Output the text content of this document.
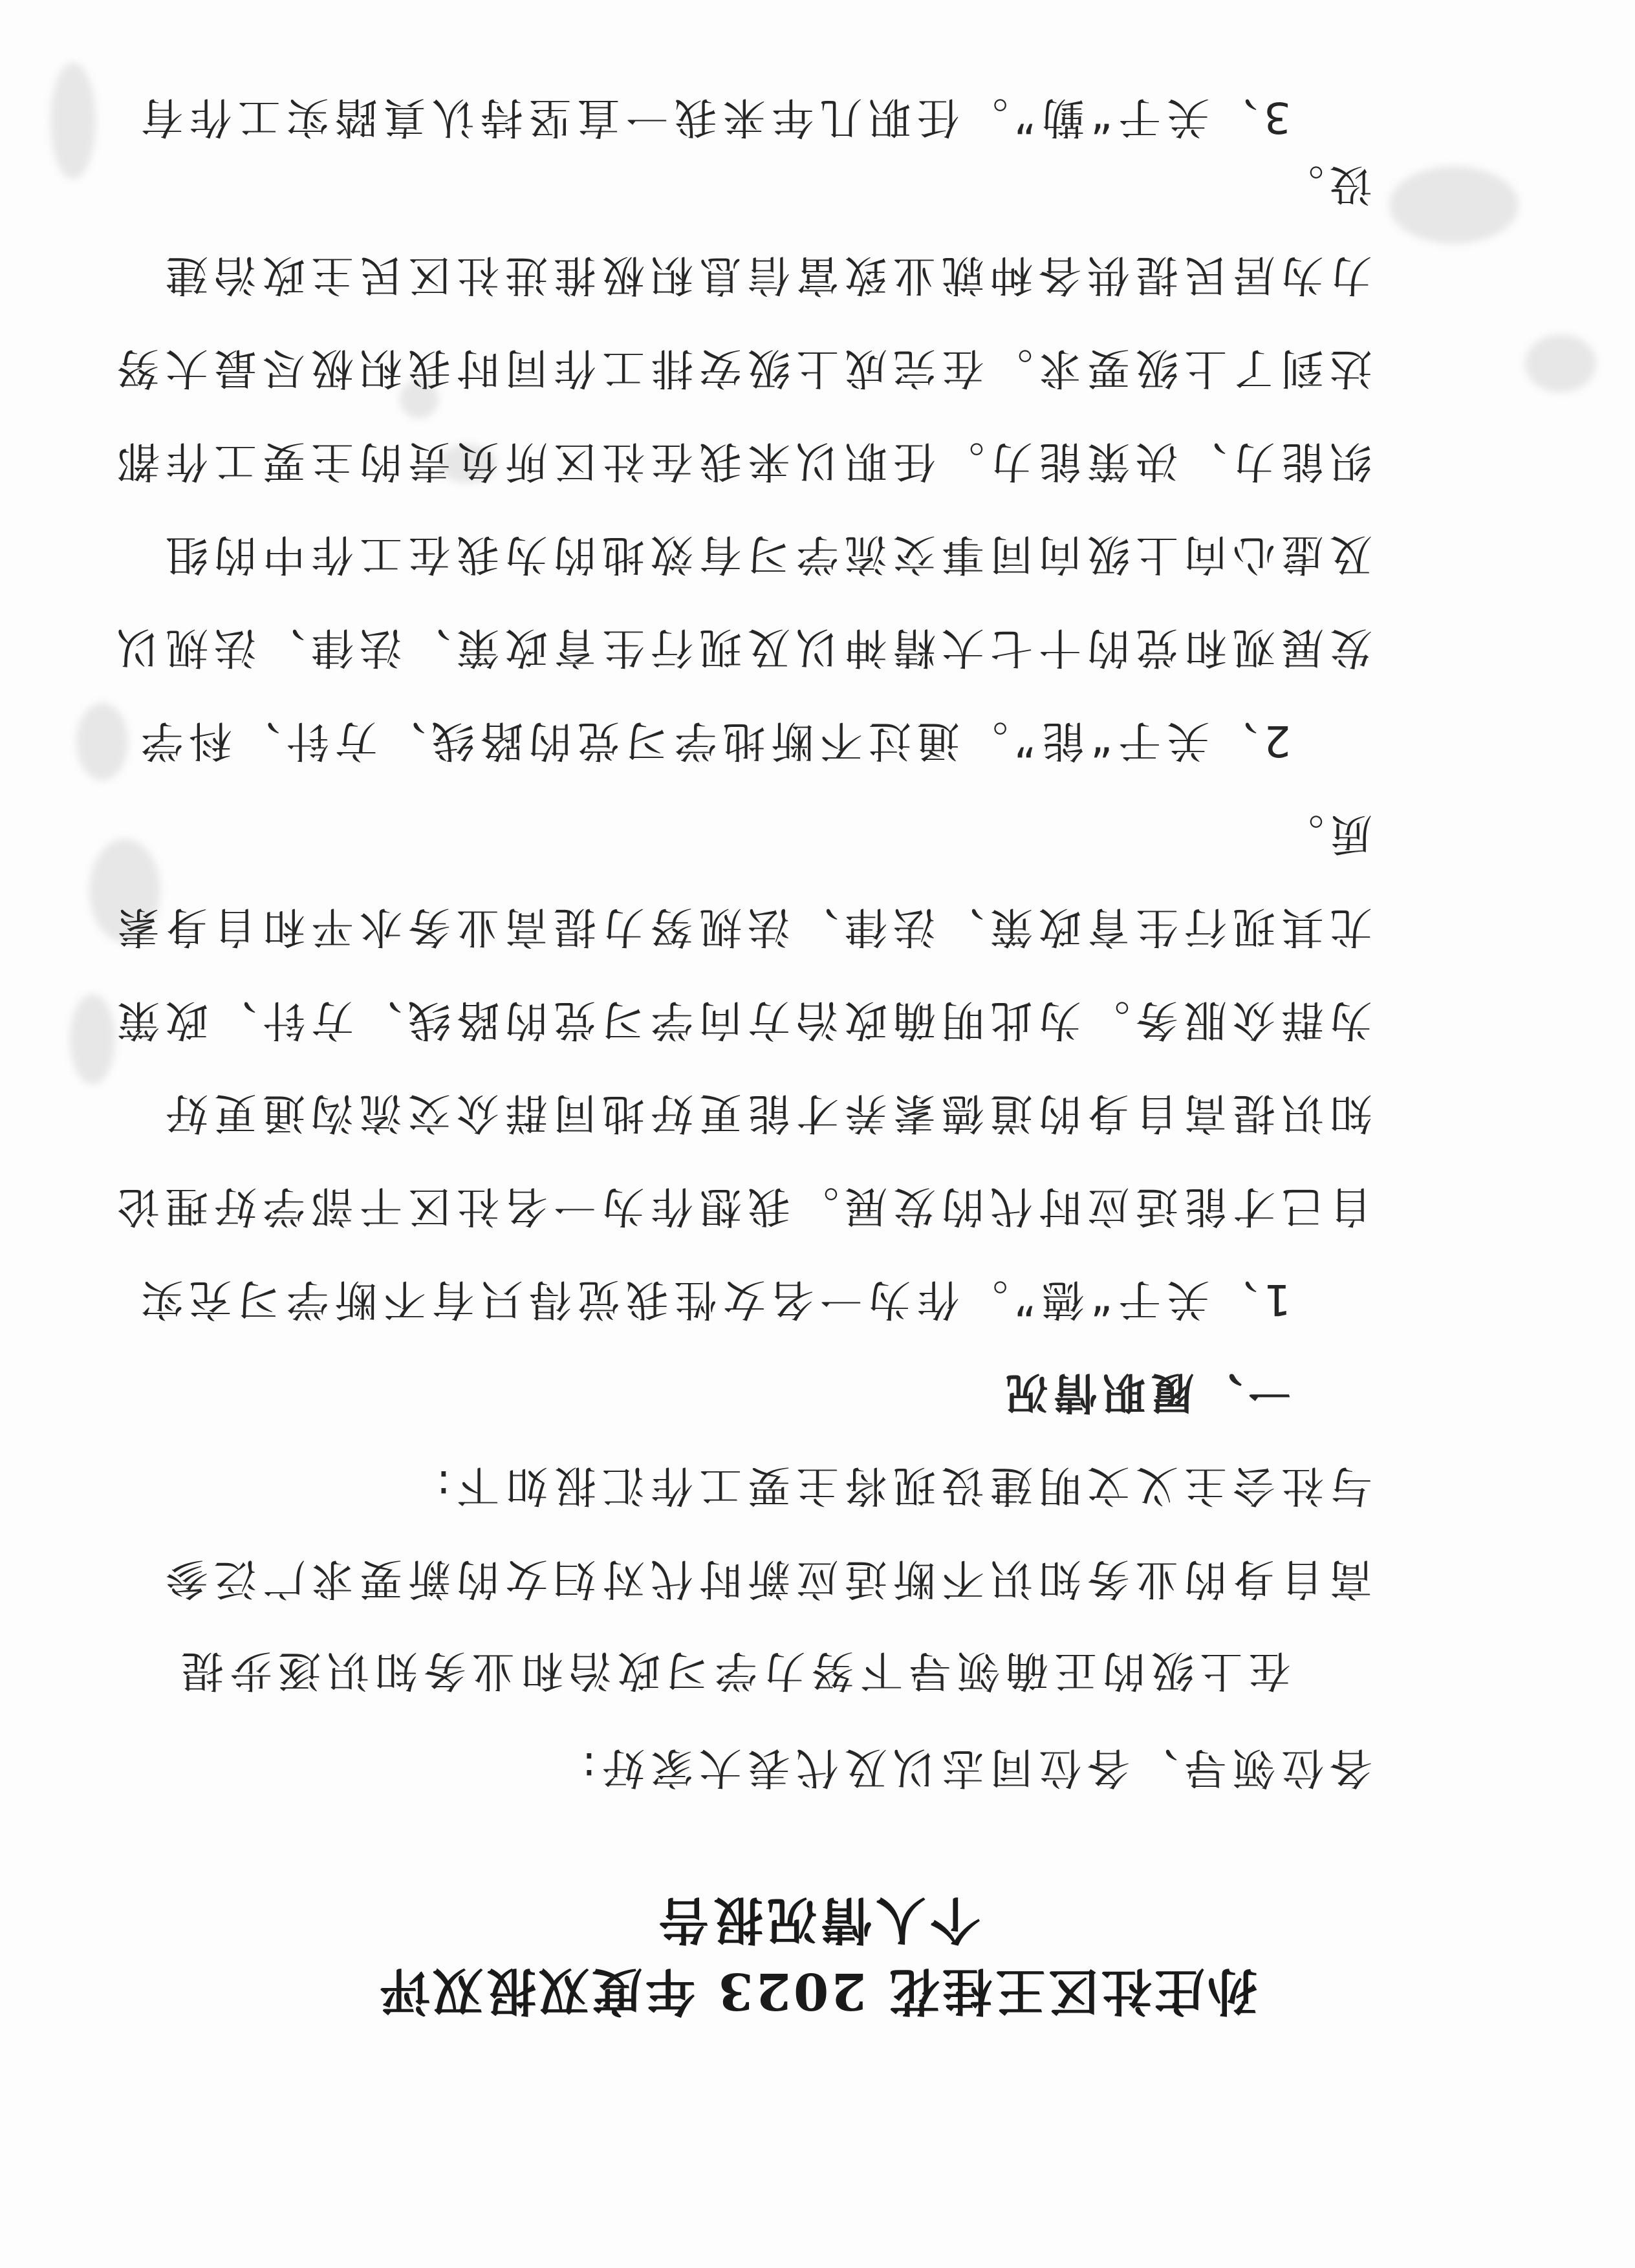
孙庄社区王桂花 2023 年度双报双评
个人情况报告
各位领导、各位同志以及代表大家好:
在上级的正确领导下努力学习政治和业务知识逐步提
高自身的业务知识不断适应新时代对妇女的新要求广泛参
与社会主义文明建设现将主要工作汇报如下:
一、履职情况
1、关于“德”。作为一名女性我觉得只有不断学习充实
自己才能适应时代的发展。我想作为一名社区干部学好理论
知识提高自身的道德素养才能更好地同群众交流沟通更好
为群众服务。为此明确政治方向学习党的路线、方针、政策
尤其现行生育政策、法律、法规努力提高业务水平和自身素
质。
2、关于“能”。通过不断地学习党的路线、方针、科学
发展观和党的十七大精神以及现行生育政策、法律、法规以
及虚心向上级向同事交流学习有效地的为我在工作中的组
织能力、决策能力。任职以来我在社区所负责的主要工作都
达到了上级要求。在完成上级安排工作同时我积极尽最大努
力为居民提供各种就业致富信息积极推进社区民主政治建
设。
3、关于“勤”。任职几年来我一直坚持认真踏实工作有
